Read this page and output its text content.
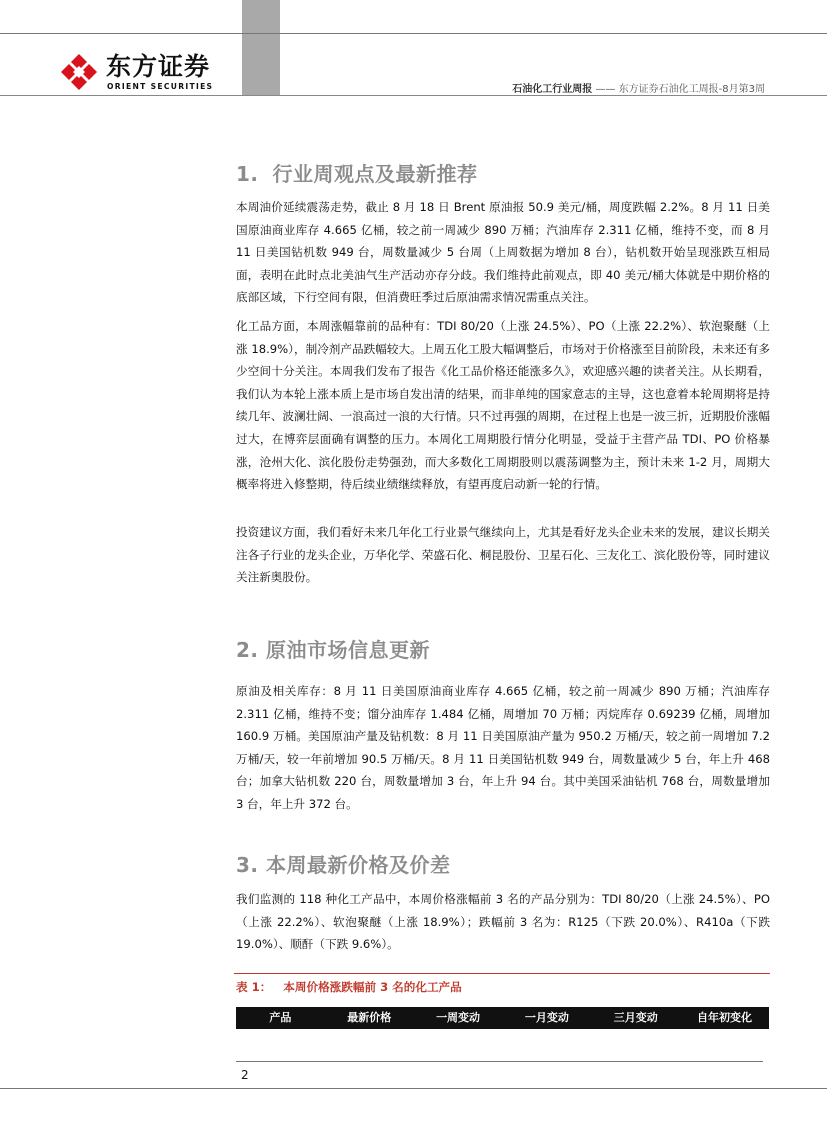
东方证券
ORIENT SECURITIES	石油化工行业周报 —— 东方证券石油化工周报-8月第3周
1. 行业周观点及最新推荐

本周油价延续震荡走势，截止 8 月 18 日 Brent 原油报 50.9 美元/桶，周度跌幅 2.2%。8 月 11 日美国原油商业库存 4.665 亿桶，较之前一周减少 890 万桶；汽油库存 2.311 亿桶，维持不变，而 8 月 11 日美国钻机数 949 台，周数量减少 5 台周（上周数据为增加 8 台），钻机数开始呈现涨跌互相局面，表明在此时点北美油气生产活动亦存分歧。我们维持此前观点，即 40 美元/桶大体就是中期价格的底部区域，下行空间有限，但消费旺季过后原油需求情况需重点关注。

化工品方面，本周涨幅靠前的品种有：TDI 80/20（上涨 24.5%）、PO（上涨 22.2%）、软泡聚醚（上涨 18.9%），制冷剂产品跌幅较大。上周五化工股大幅调整后，市场对于价格涨至目前阶段，未来还有多少空间十分关注。本周我们发布了报告《化工品价格还能涨多久》，欢迎感兴趣的读者关注。从长期看，我们认为本轮上涨本质上是市场自发出清的结果，而非单纯的国家意志的主导，这也意着本轮周期将是持续几年、波澜壮阔、一浪高过一浪的大行情。只不过再强的周期，在过程上也是一波三折，近期股价涨幅过大，在博弈层面确有调整的压力。本周化工周期股行情分化明显，受益于主营产品 TDI、PO 价格暴涨，沧州大化、滨化股份走势强劲，而大多数化工周期股则以震荡调整为主，预计未来 1-2 月，周期大概率将进入修整期，待后续业绩继续释放，有望再度启动新一轮的行情。

投资建议方面，我们看好未来几年化工行业景气继续向上，尤其是看好龙头企业未来的发展，建议长期关注各子行业的龙头企业，万华化学、荣盛石化、桐昆股份、卫星石化、三友化工、滨化股份等，同时建议关注新奥股份。

2. 原油市场信息更新

原油及相关库存：8 月 11 日美国原油商业库存 4.665 亿桶，较之前一周减少 890 万桶；汽油库存 2.311 亿桶，维持不变；馏分油库存 1.484 亿桶，周增加 70 万桶；丙烷库存 0.69239 亿桶，周增加 160.9 万桶。美国原油产量及钻机数：8 月 11 日美国原油产量为 950.2 万桶/天，较之前一周增加 7.2 万桶/天，较一年前增加 90.5 万桶/天。8 月 11 日美国钻机数 949 台，周数量减少 5 台，年上升 468 台；加拿大钻机数 220 台，周数量增加 3 台，年上升 94 台。其中美国采油钻机 768 台，周数量增加 3 台，年上升 372 台。

3. 本周最新价格及价差

我们监测的 118 种化工产品中，本周价格涨幅前 3 名的产品分别为：TDI 80/20（上涨 24.5%）、PO（上涨 22.2%）、软泡聚醚（上涨 18.9%）；跌幅前 3 名为：R125（下跌 20.0%）、R410a（下跌 19.0%）、顺酐（下跌 9.6%）。

表 1： 本周价格涨跌幅前 3 名的化工产品
产品	最新价格	一周变动	一月变动	三月变动	自年初变化
2
